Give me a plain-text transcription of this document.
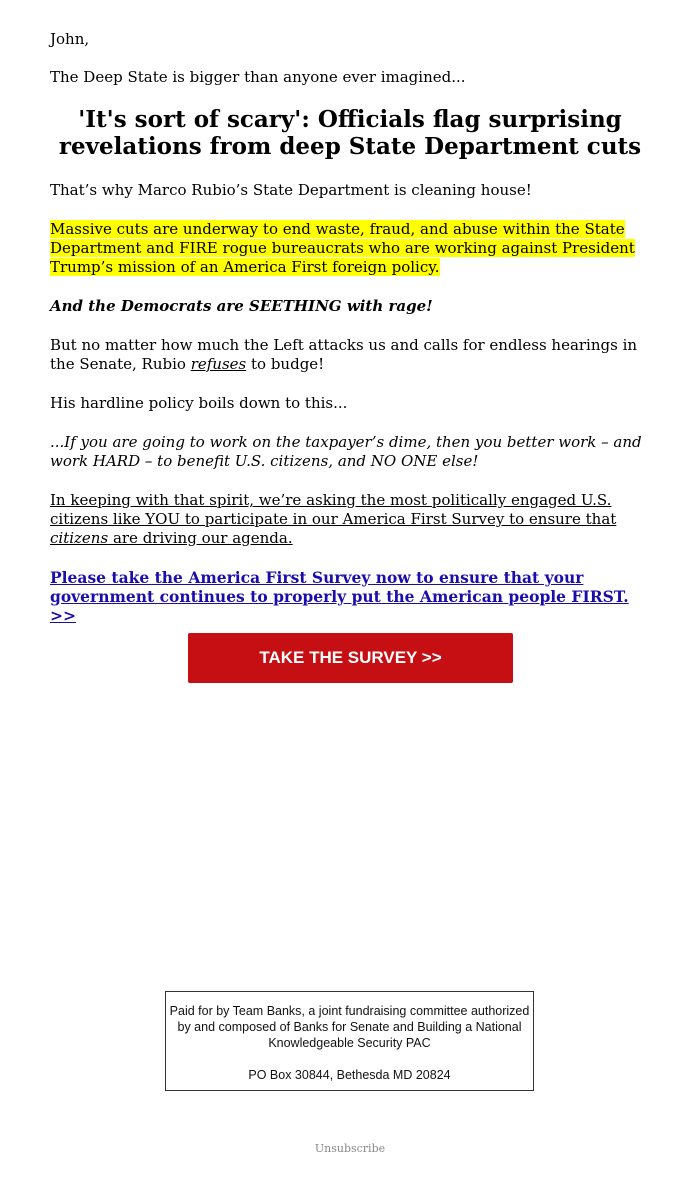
John,

The Deep State is bigger than anyone ever imagined...

'It's sort of scary': Officials flag surprising revelations from deep State Department cuts

That’s why Marco Rubio’s State Department is cleaning house!

Massive cuts are underway to end waste, fraud, and abuse within the State Department and FIRE rogue bureaucrats who are working against President Trump’s mission of an America First foreign policy.

And the Democrats are SEETHING with rage!

But no matter how much the Left attacks us and calls for endless hearings in the Senate, Rubio refuses to budge!

His hardline policy boils down to this...

...If you are going to work on the taxpayer’s dime, then you better work – and work HARD – to benefit U.S. citizens, and NO ONE else!

In keeping with that spirit, we’re asking the most politically engaged U.S. citizens like YOU to participate in our America First Survey to ensure that citizens are driving our agenda.

Please take the America First Survey now to ensure that your government continues to properly put the American people FIRST. >>
TAKE THE SURVEY >>
Paid for by Team Banks, a joint fundraising committee authorized by and composed of Banks for Senate and Building a National Knowledgeable Security PAC
PO Box 30844, Bethesda MD 20824
Unsubscribe
